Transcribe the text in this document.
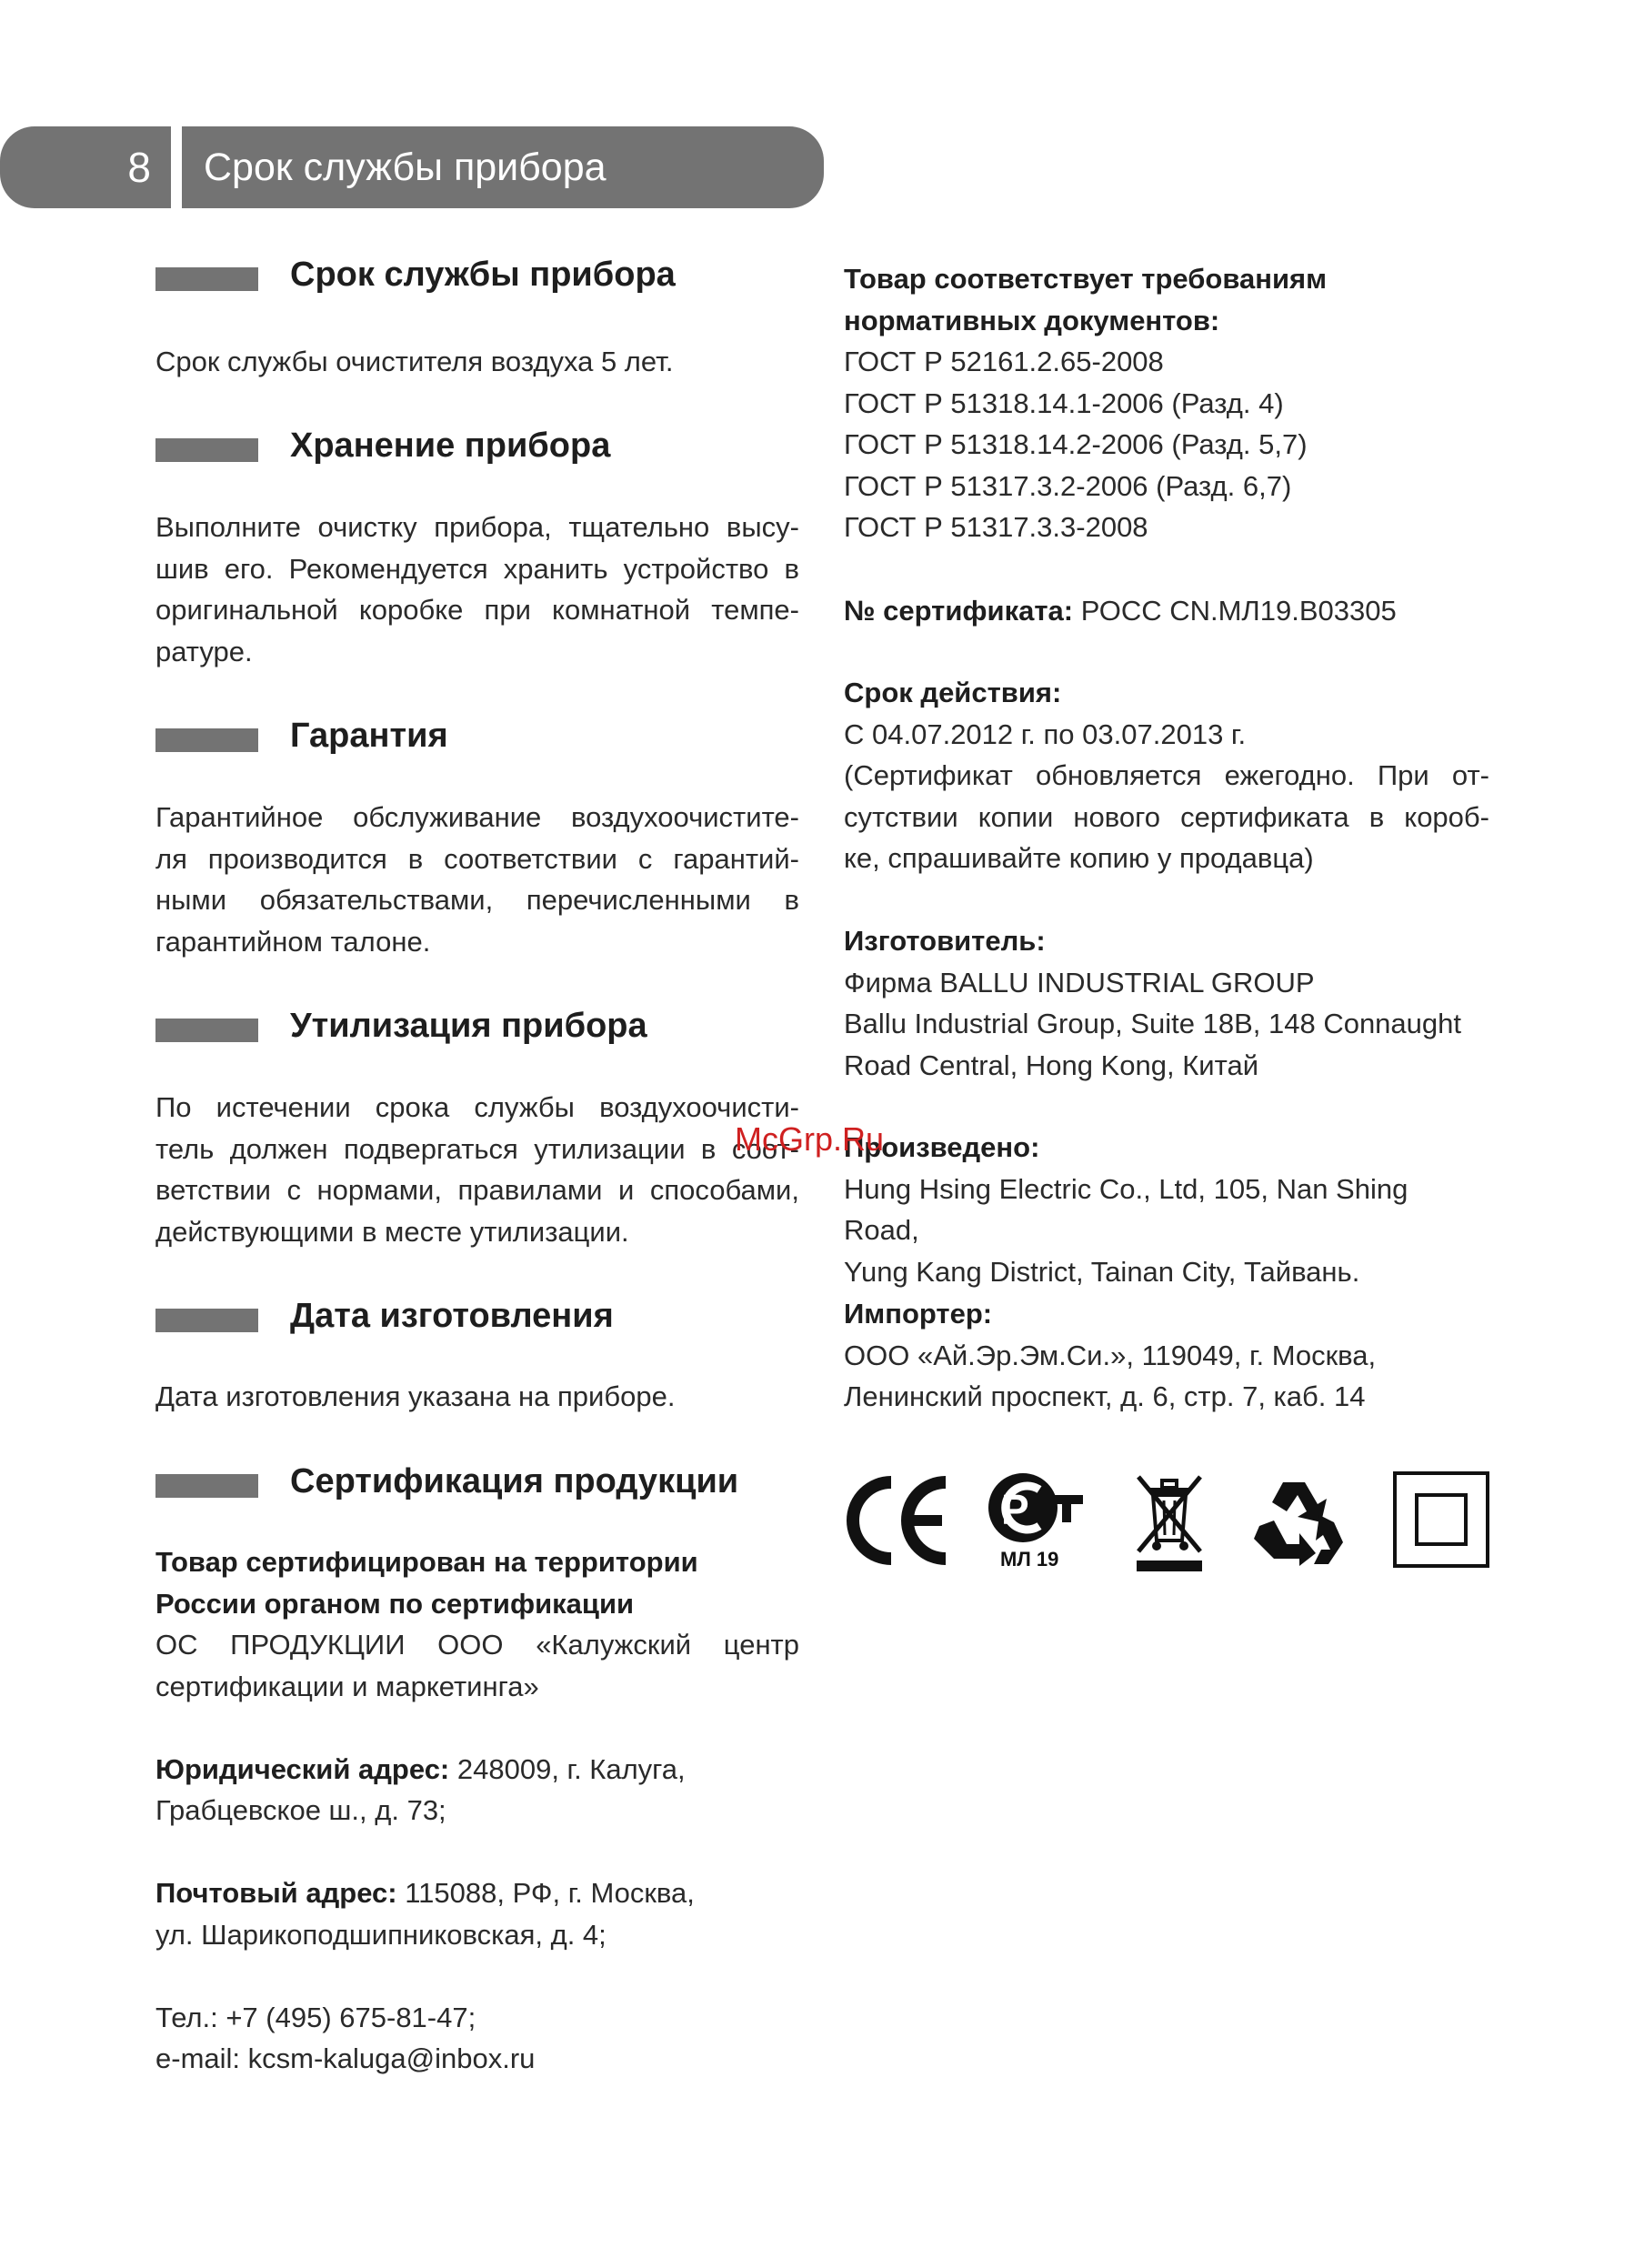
8	Срок службы прибора
Срок службы прибора

Срок службы очистителя воздуха 5 лет.

Хранение прибора

Выполните очистку прибора, тщательно высу-

шив его. Рекомендуется хранить устройство в

оригинальной коробке при комнатной темпе-

ратуре.

Гарантия

Гарантийное обслуживание воздухоочистите-

ля производится в соответствии с гарантий-

ными обязательствами, перечисленными в

гарантийном талоне.

Утилизация прибора

По истечении срока службы воздухоочисти-

тель должен подвергаться утилизации в соот-

ветствии с нормами, правилами и способами,

действующими в месте утилизации.

Дата изготовления

Дата изготовления указана на приборе.

Сертификация продукции

Товар сертифицирован на территории

России органом по сертификации

ОС ПРОДУКЦИИ ООО «Калужский центр

сертификации и маркетинга»

Юридический адрес: 248009, г. Калуга,

Грабцевское ш., д. 73;

Почтовый адрес: 115088, РФ, г. Москва,

ул. Шарикоподшипниковская, д. 4;

Тел.: +7 (495) 675-81-47;

e-mail: kcsm-kaluga@inbox.ru

Товар соответствует требованиям

нормативных документов:

ГОСТ Р 52161.2.65-2008

ГОСТ Р 51318.14.1-2006 (Разд. 4)

ГОСТ Р 51318.14.2-2006 (Разд. 5,7)

ГОСТ Р 51317.3.2-2006 (Разд. 6,7)

ГОСТ Р 51317.3.3-2008

№ сертификата: РОСС CN.МЛ19.В03305

Срок действия:

С 04.07.2012 г. по 03.07.2013 г.

(Сертификат обновляется ежегодно. При от-

сутствии копии нового сертификата в короб-

ке, спрашивайте копию у продавца)

Изготовитель:

Фирма BALLU INDUSTRIAL GROUP

Ballu Industrial Group, Suite 18B, 148 Connaught

Road Central, Hong Kong, Китай

Произведено:

Hung Hsing Electric Co., Ltd, 105, Nan Shing Road,

Yung Kang District, Tainan City, Тайвань.

Импортер:

ООО «Ай.Эр.Эм.Си.», 119049, г. Москва,

Ленинский проспект, д. 6, стр. 7, каб. 14

P
МЛ 19
McGrp.Ru
